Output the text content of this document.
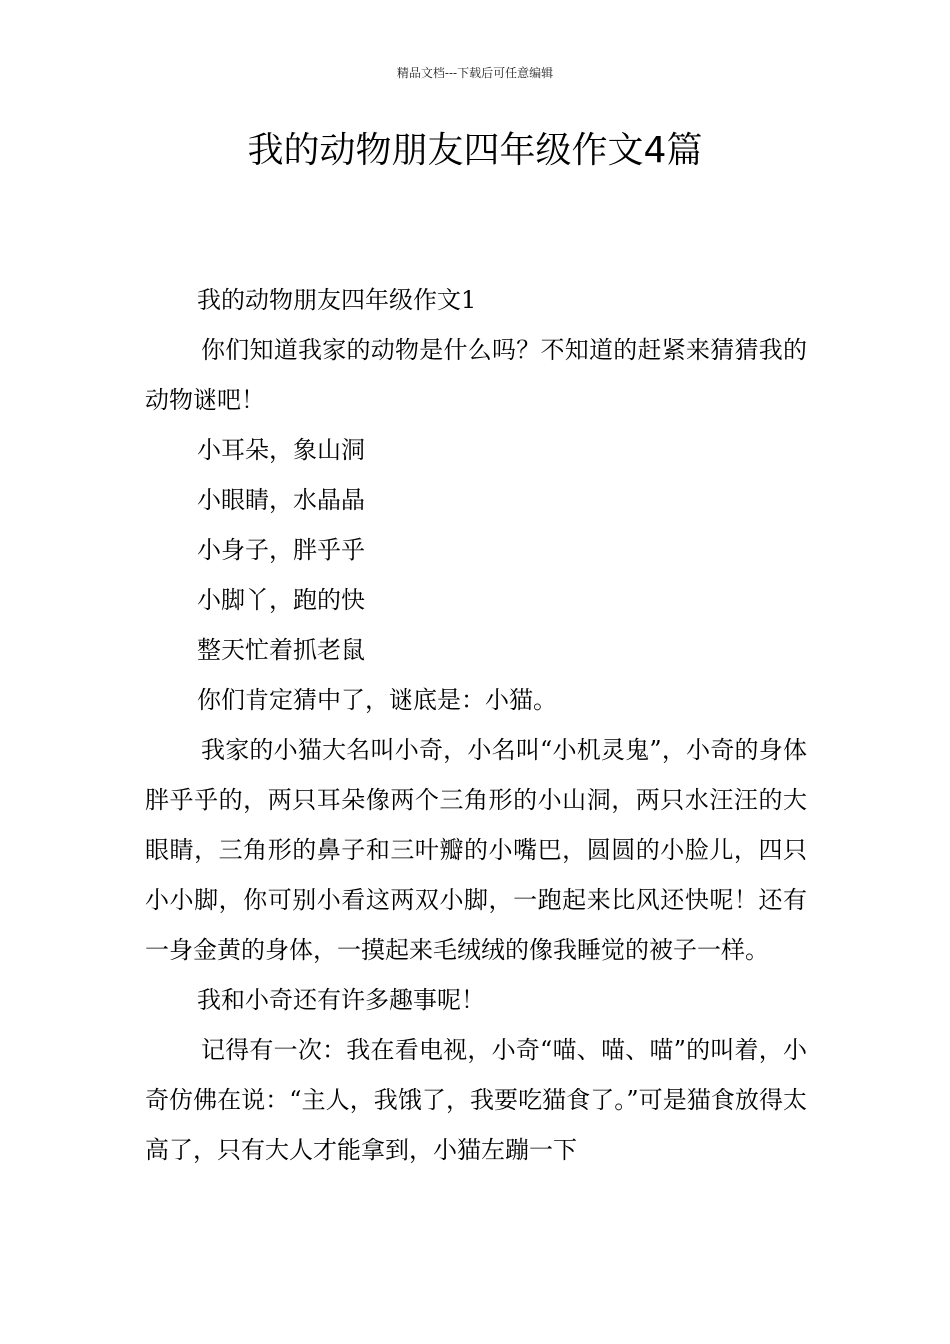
精品文档---下载后可任意编辑
我的动物朋友四年级作文4篇

我的动物朋友四年级作文1

你们知道我家的动物是什么吗？不知道的赶紧来猜猜我的动物谜吧！

小耳朵，象山洞

小眼睛，水晶晶

小身子，胖乎乎

小脚丫，跑的快

整天忙着抓老鼠

你们肯定猜中了，谜底是：小猫。

我家的小猫大名叫小奇，小名叫“小机灵鬼”，小奇的身体胖乎乎的，两只耳朵像两个三角形的小山洞，两只水汪汪的大眼睛，三角形的鼻子和三叶瓣的小嘴巴，圆圆的小脸儿，四只小小脚，你可别小看这两双小脚，一跑起来比风还快呢！还有一身金黄的身体，一摸起来毛绒绒的像我睡觉的被子一样。

我和小奇还有许多趣事呢！

记得有一次：我在看电视，小奇“喵、喵、喵”的叫着，小奇仿佛在说：“主人，我饿了，我要吃猫食了。”可是猫食放得太高了，只有大人才能拿到，小猫左蹦一下
